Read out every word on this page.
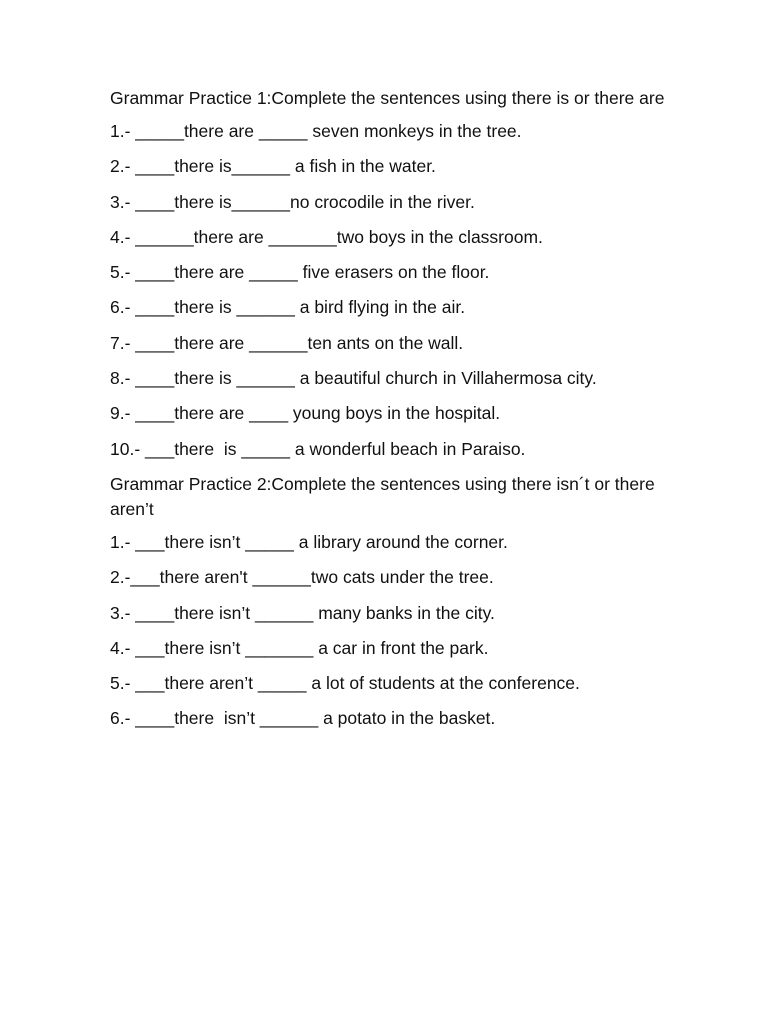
Grammar Practice 1:Complete the sentences using there is or there are
1.- _____there are _____ seven monkeys in the tree.
2.- ____there is______ a fish in the water.
3.- ____there is______no crocodile in the river.
4.- ______there are _______two boys in the classroom.
5.- ____there are _____ five erasers on the floor.
6.- ____there is ______ a bird flying in the air.
7.- ____there are ______ten ants on the wall.
8.- ____there is ______ a beautiful church in Villahermosa city.
9.- ____there are ____ young boys in the hospital.
10.- ___there  is _____ a wonderful beach in Paraiso.
Grammar Practice 2:Complete the sentences using there isn´t or there aren’t
1.- ___there isn’t _____ a library around the corner.
2.-___there aren't ______two cats under the tree.
3.- ____there isn’t ______ many banks in the city.
4.- ___there isn’t _______ a car in front the park.
5.- ___there aren’t _____ a lot of students at the conference.
6.- ____there  isn’t ______ a potato in the basket.
